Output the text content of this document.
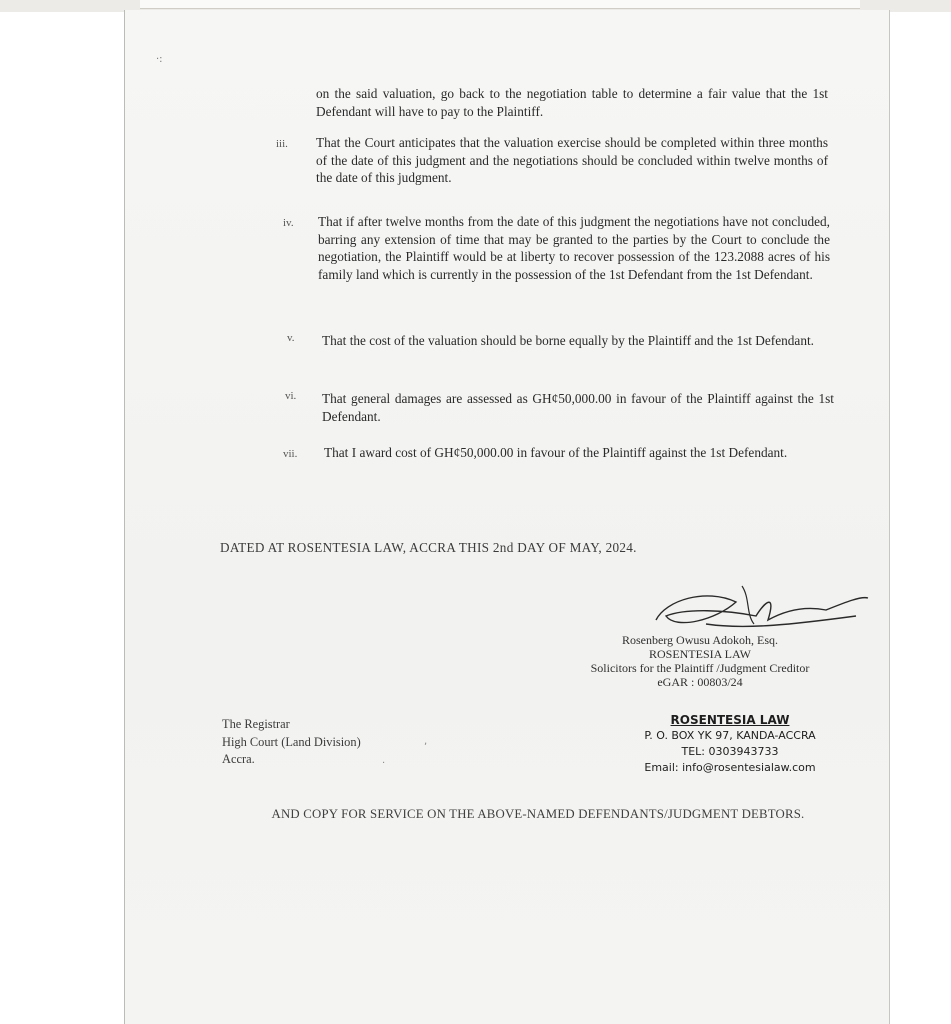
·:
on the said valuation, go back to the negotiation table to determine a fair value that the 1st Defendant will have to pay to the Plaintiff.
iii. That the Court anticipates that the valuation exercise should be completed within three months of the date of this judgment and the negotiations should be concluded within twelve months of the date of this judgment.
iv. That if after twelve months from the date of this judgment the negotiations have not concluded, barring any extension of time that may be granted to the parties by the Court to conclude the negotiation, the Plaintiff would be at liberty to recover possession of the 123.2088 acres of his family land which is currently in the possession of the 1st Defendant from the 1st Defendant.
v. That the cost of the valuation should be borne equally by the Plaintiff and the 1st Defendant.
vi. That general damages are assessed as GH¢50,000.00 in favour of the Plaintiff against the 1st Defendant.
vii. That I award cost of GH¢50,000.00 in favour of the Plaintiff against the 1st Defendant.
DATED AT ROSENTESIA LAW, ACCRA THIS 2nd DAY OF MAY, 2024.
Rosenberg Owusu Adokoh, Esq.
ROSENTESIA LAW
Solicitors for the Plaintiff /Judgment Creditor
eGAR : 00803/24
ROSENTESIA LAW
P. O. BOX YK 97, KANDA-ACCRA
TEL: 0303943733
Email: info@rosentesialaw.com
The Registrar
High Court (Land Division)
Accra.
,
·
AND COPY FOR SERVICE ON THE ABOVE-NAMED DEFENDANTS/JUDGMENT DEBTORS.
